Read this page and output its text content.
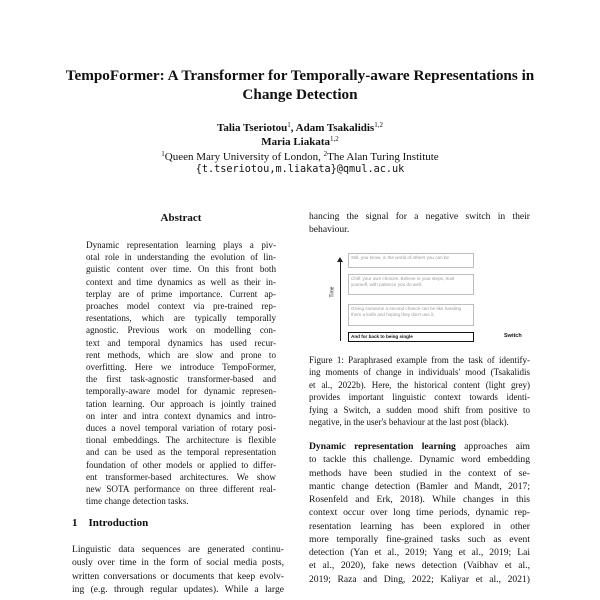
TempoFormer: A Transformer for Temporally-aware Representations in
Change Detection
Talia Tseriotou$^1$, Adam Tsakalidis$^{1,2}$
Maria Liakata$^{1,2}$
$^1$Queen Mary University of London, $^2$The Alan Turing Institute
{t.tseriotou,m.liakata}@qmul.ac.uk
Abstract
Dynamic representation learning plays a piv-
otal role in understanding the evolution of lin-
guistic content over time. On this front both
context and time dynamics as well as their in-
terplay are of prime importance. Current ap-
proaches model context via pre-trained rep-
resentations, which are typically temporally
agnostic. Previous work on modelling con-
text and temporal dynamics has used recur-
rent methods, which are slow and prone to
overfitting. Here we introduce TempoFormer,
the first task-agnostic transformer-based and
temporally-aware model for dynamic represen-
tation learning. Our approach is jointly trained
on inter and intra context dynamics and intro-
duces a novel temporal variation of rotary posi-
tional embeddings. The architecture is flexible
and can be used as the temporal representation
foundation of other models or applied to differ-
ent transformer-based architectures. We show
new SOTA performance on three different real-
time change detection tasks.
1 Introduction
Linguistic data sequences are generated continu-
ously over time in the form of social media posts,
written conversations or documents that keep evolv-
ing (e.g. through regular updates). While a large
hancing the signal for a negative switch in their
behaviour.
Time
Still, you know, in the world of others you can be
Chill: your own choices. Believe in your steps, trust yourself, with patience you do well.
Giving someone a second chance can be like handing them a knife and hoping they don't use it.
And for back to being single	Switch
Figure 1: Paraphrased example from the task of identify-
ing moments of change in individuals' mood (Tsakalidis
et al., 2022b). Here, the historical content (light grey)
provides important linguistic context towards identi-
fying a Switch, a sudden mood shift from positive to
negative, in the user's behaviour at the last post (black).
Dynamic representation learning approaches aim
to tackle this challenge. Dynamic word embedding
methods have been studied in the context of se-
mantic change detection (Bamler and Mandt, 2017;
Rosenfeld and Erk, 2018). While changes in this
context occur over long time periods, dynamic rep-
resentation learning has been explored in other
more temporally fine-grained tasks such as event
detection (Yan et al., 2019; Yang et al., 2019; Lai
et al., 2020), fake news detection (Vaibhav et al.,
2019; Raza and Ding, 2022; Kaliyar et al., 2021)
